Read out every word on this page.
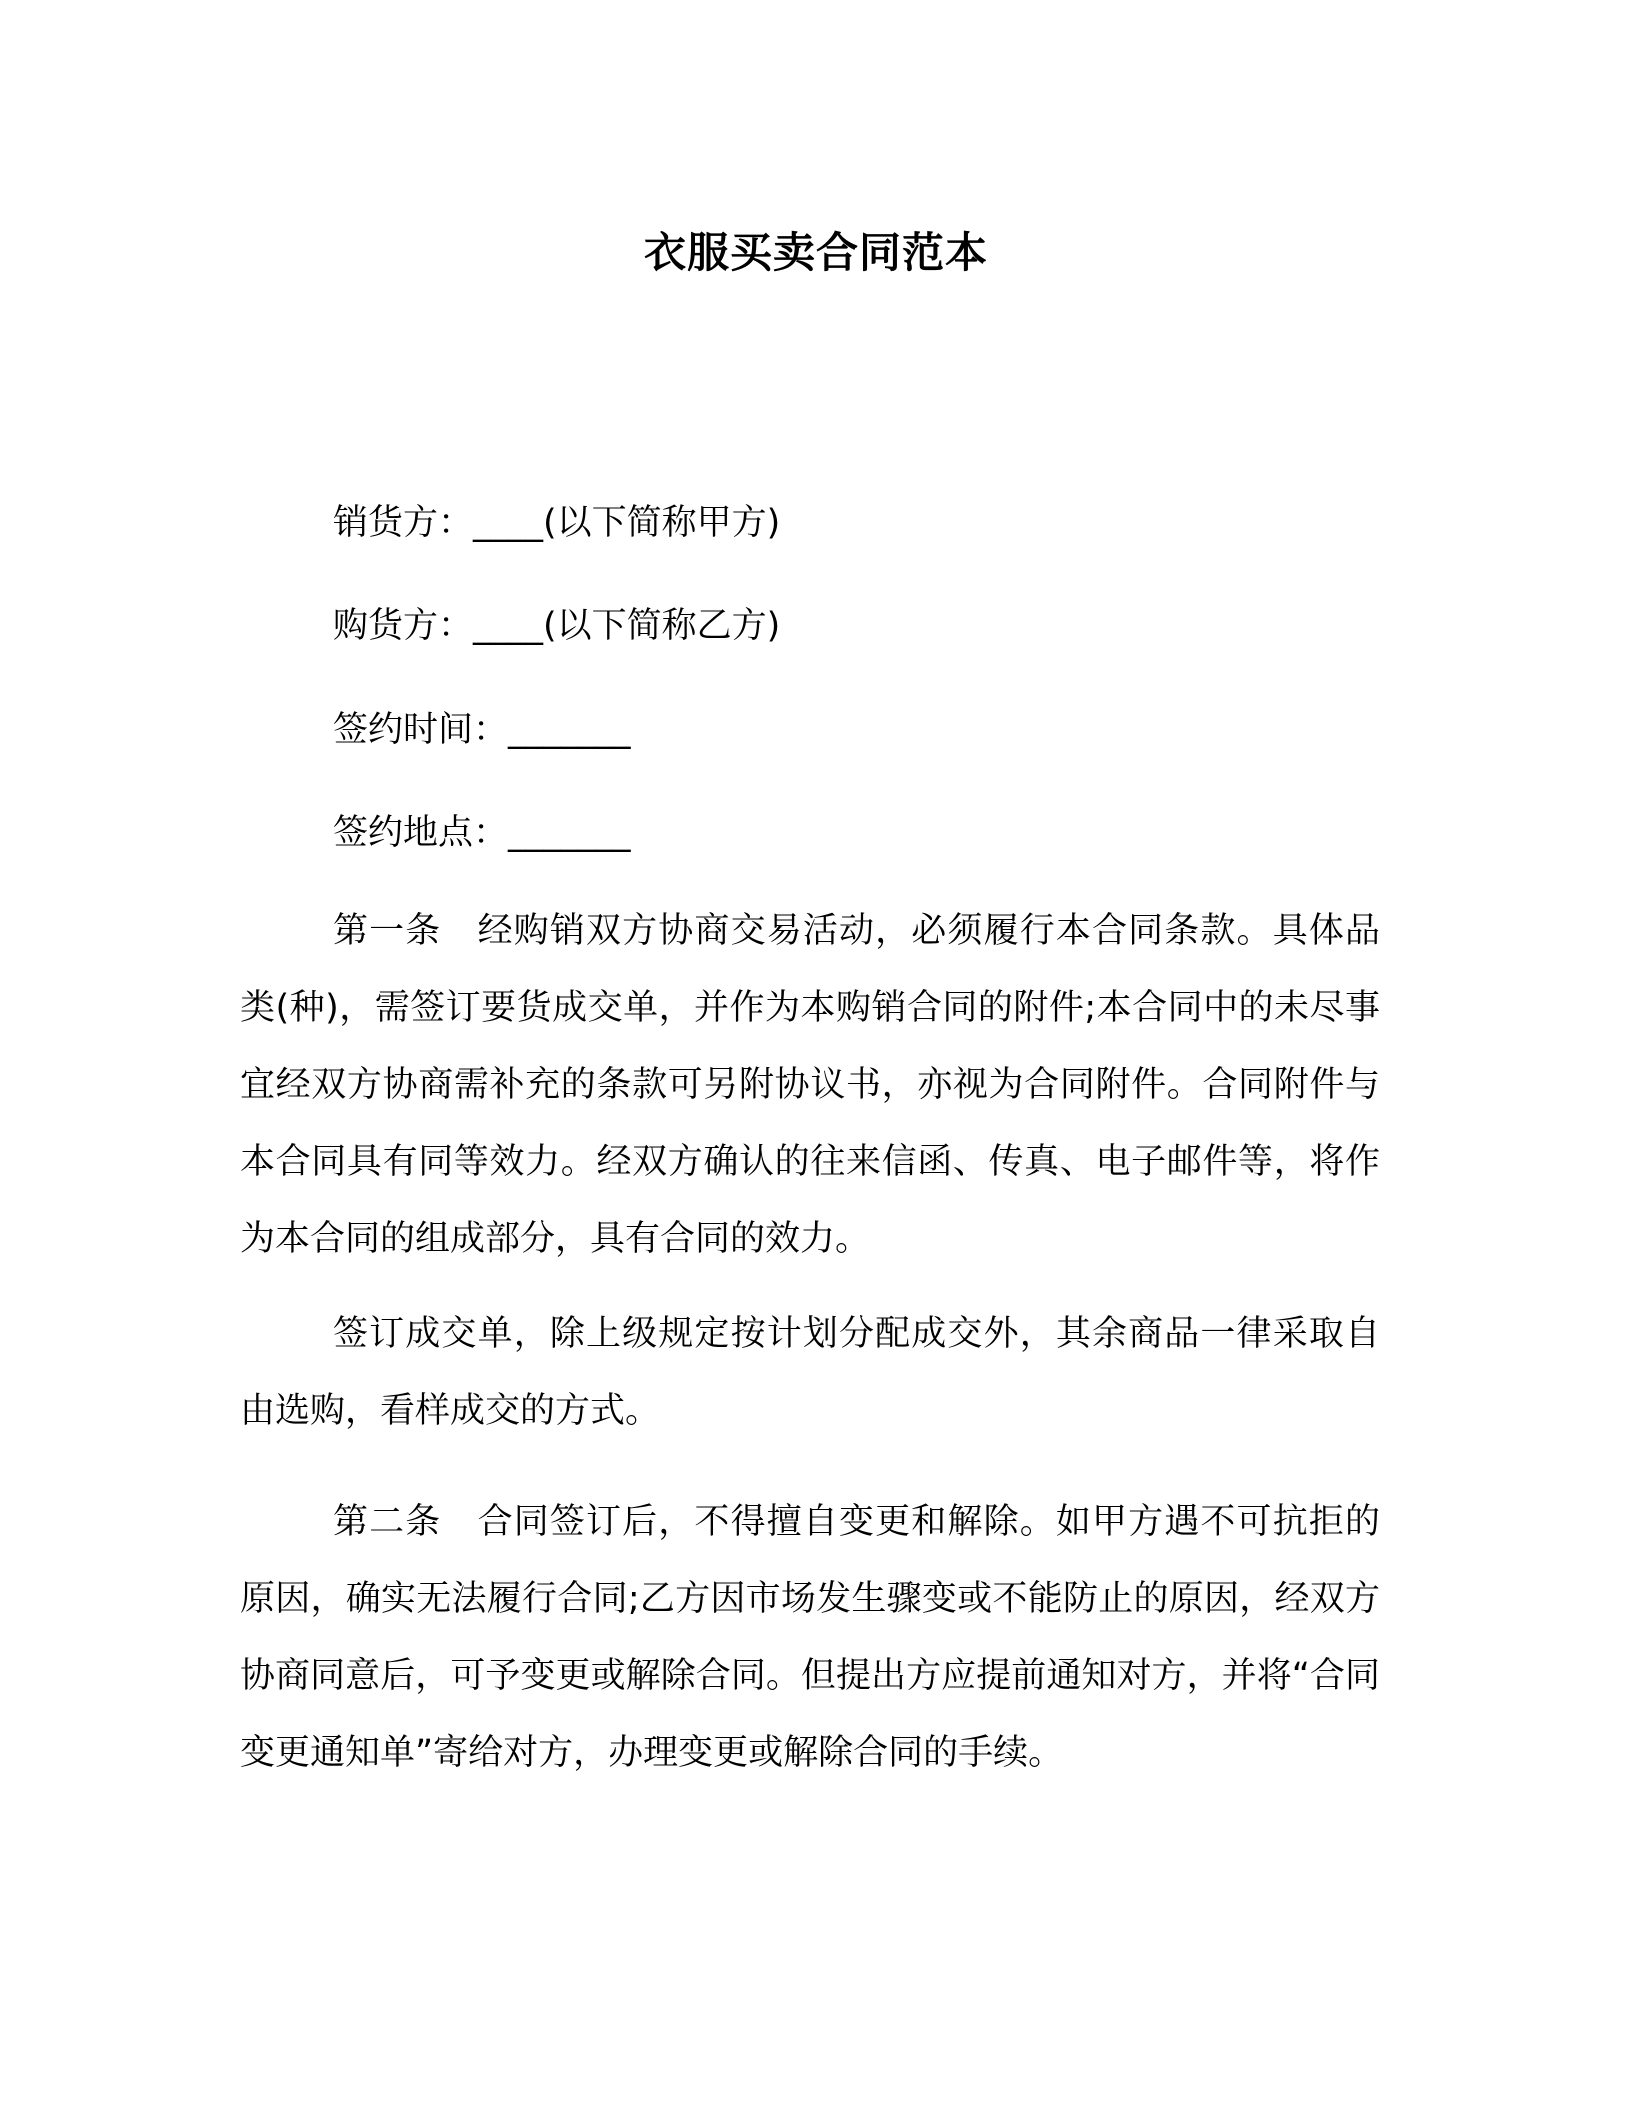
衣服买卖合同范本
销货方：____(以下简称甲方)
购货方：____(以下简称乙方)
签约时间：_______
签约地点：_______

第一条　经购销双方协商交易活动，必须履行本合同条款。具体品类(种)，需签订要货成交单，并作为本购销合同的附件;本合同中的未尽事宜经双方协商需补充的条款可另附协议书，亦视为合同附件。合同附件与本合同具有同等效力。经双方确认的往来信函、传真、电子邮件等，将作为本合同的组成部分，具有合同的效力。

签订成交单，除上级规定按计划分配成交外，其余商品一律采取自由选购，看样成交的方式。

第二条　合同签订后，不得擅自变更和解除。如甲方遇不可抗拒的原因，确实无法履行合同;乙方因市场发生骤变或不能防止的原因，经双方协商同意后，可予变更或解除合同。但提出方应提前通知对方，并将“合同变更通知单”寄给对方，办理变更或解除合同的手续。
